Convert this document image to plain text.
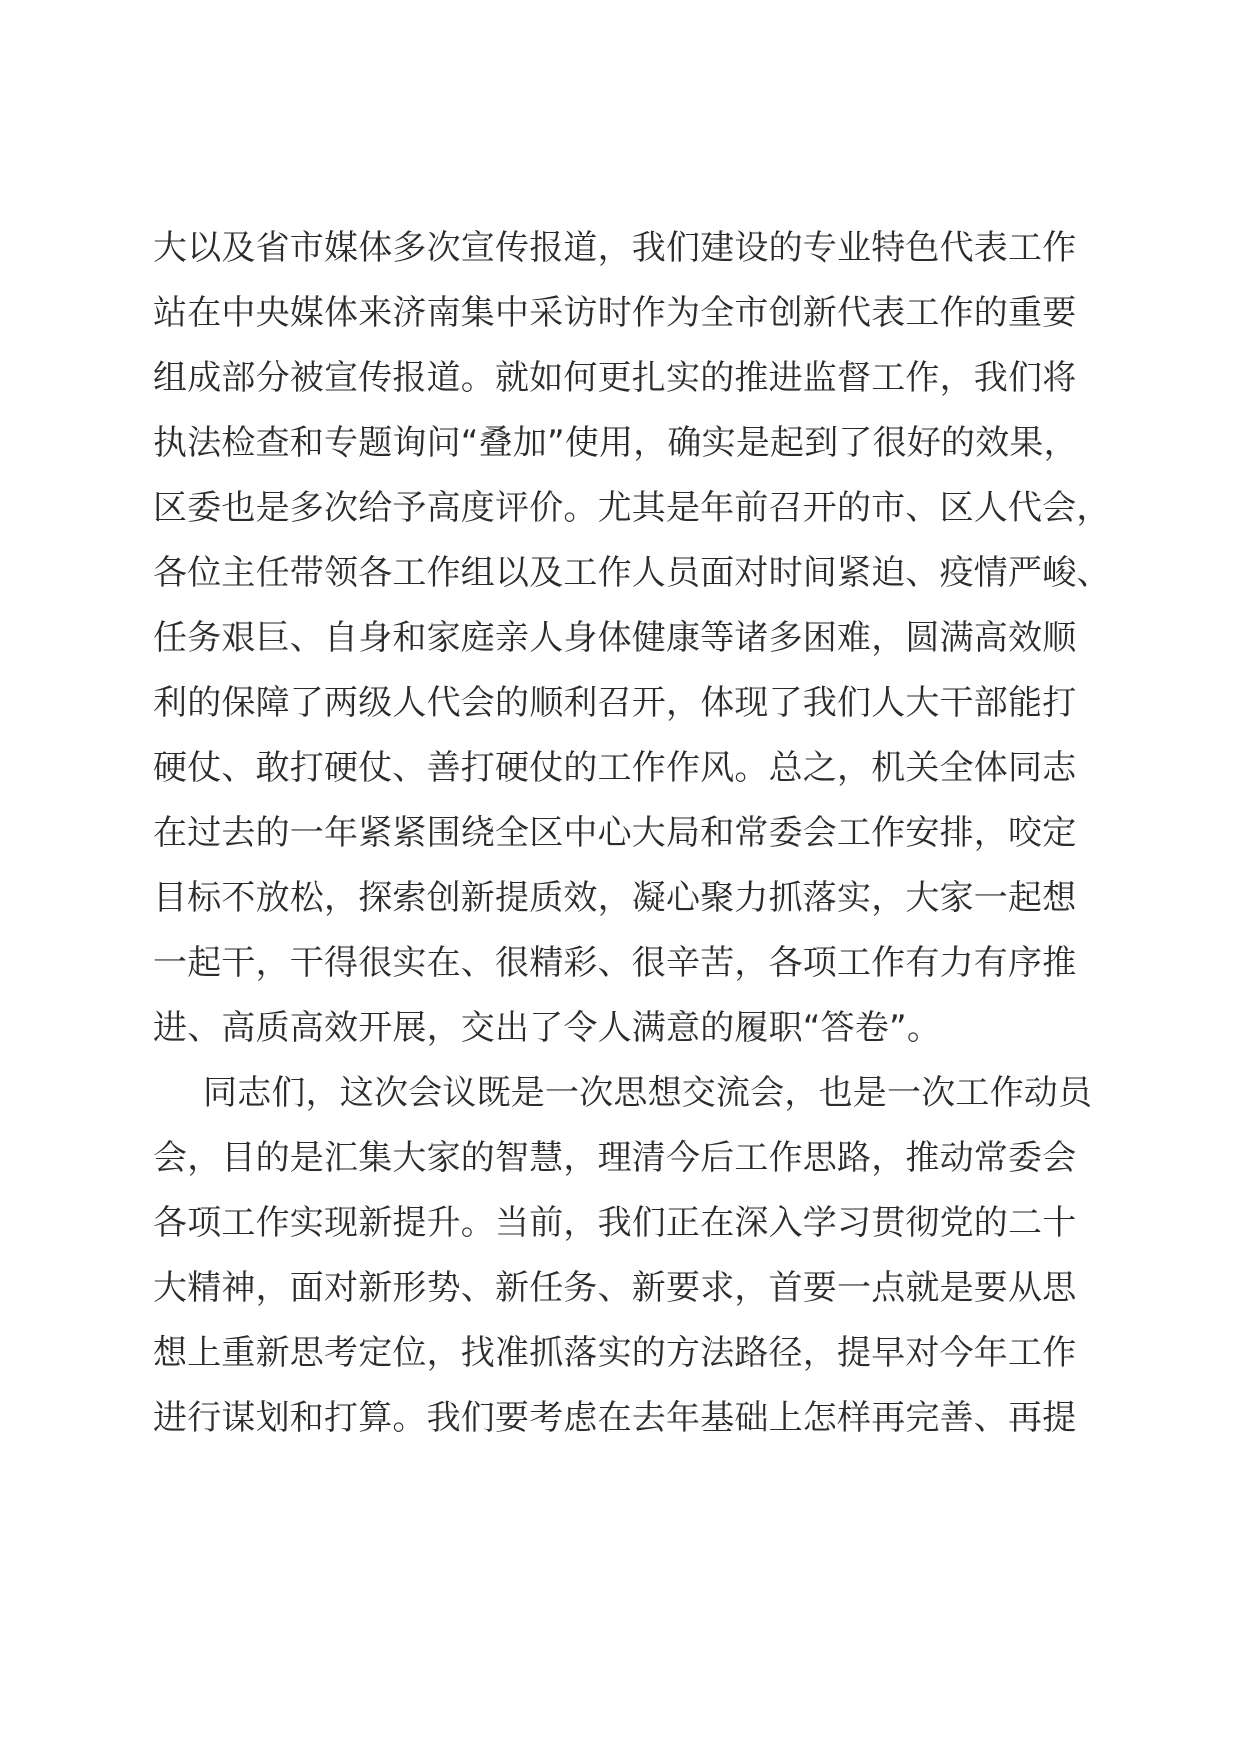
大以及省市媒体多次宣传报道，我们建设的专业特色代表工作
站在中央媒体来济南集中采访时作为全市创新代表工作的重要
组成部分被宣传报道。就如何更扎实的推进监督工作，我们将
执法检查和专题询问“叠加”使用，确实是起到了很好的效果，
区委也是多次给予高度评价。尤其是年前召开的市、区人代会，
各位主任带领各工作组以及工作人员面对时间紧迫、疫情严峻、
任务艰巨、自身和家庭亲人身体健康等诸多困难，圆满高效顺
利的保障了两级人代会的顺利召开，体现了我们人大干部能打
硬仗、敢打硬仗、善打硬仗的工作作风。总之，机关全体同志
在过去的一年紧紧围绕全区中心大局和常委会工作安排，咬定
目标不放松，探索创新提质效，凝心聚力抓落实，大家一起想
一起干，干得很实在、很精彩、很辛苦，各项工作有力有序推
进、高质高效开展，交出了令人满意的履职“答卷”。
同志们，这次会议既是一次思想交流会，也是一次工作动员
会，目的是汇集大家的智慧，理清今后工作思路，推动常委会
各项工作实现新提升。当前，我们正在深入学习贯彻党的二十
大精神，面对新形势、新任务、新要求，首要一点就是要从思
想上重新思考定位，找准抓落实的方法路径，提早对今年工作
进行谋划和打算。我们要考虑在去年基础上怎样再完善、再提
